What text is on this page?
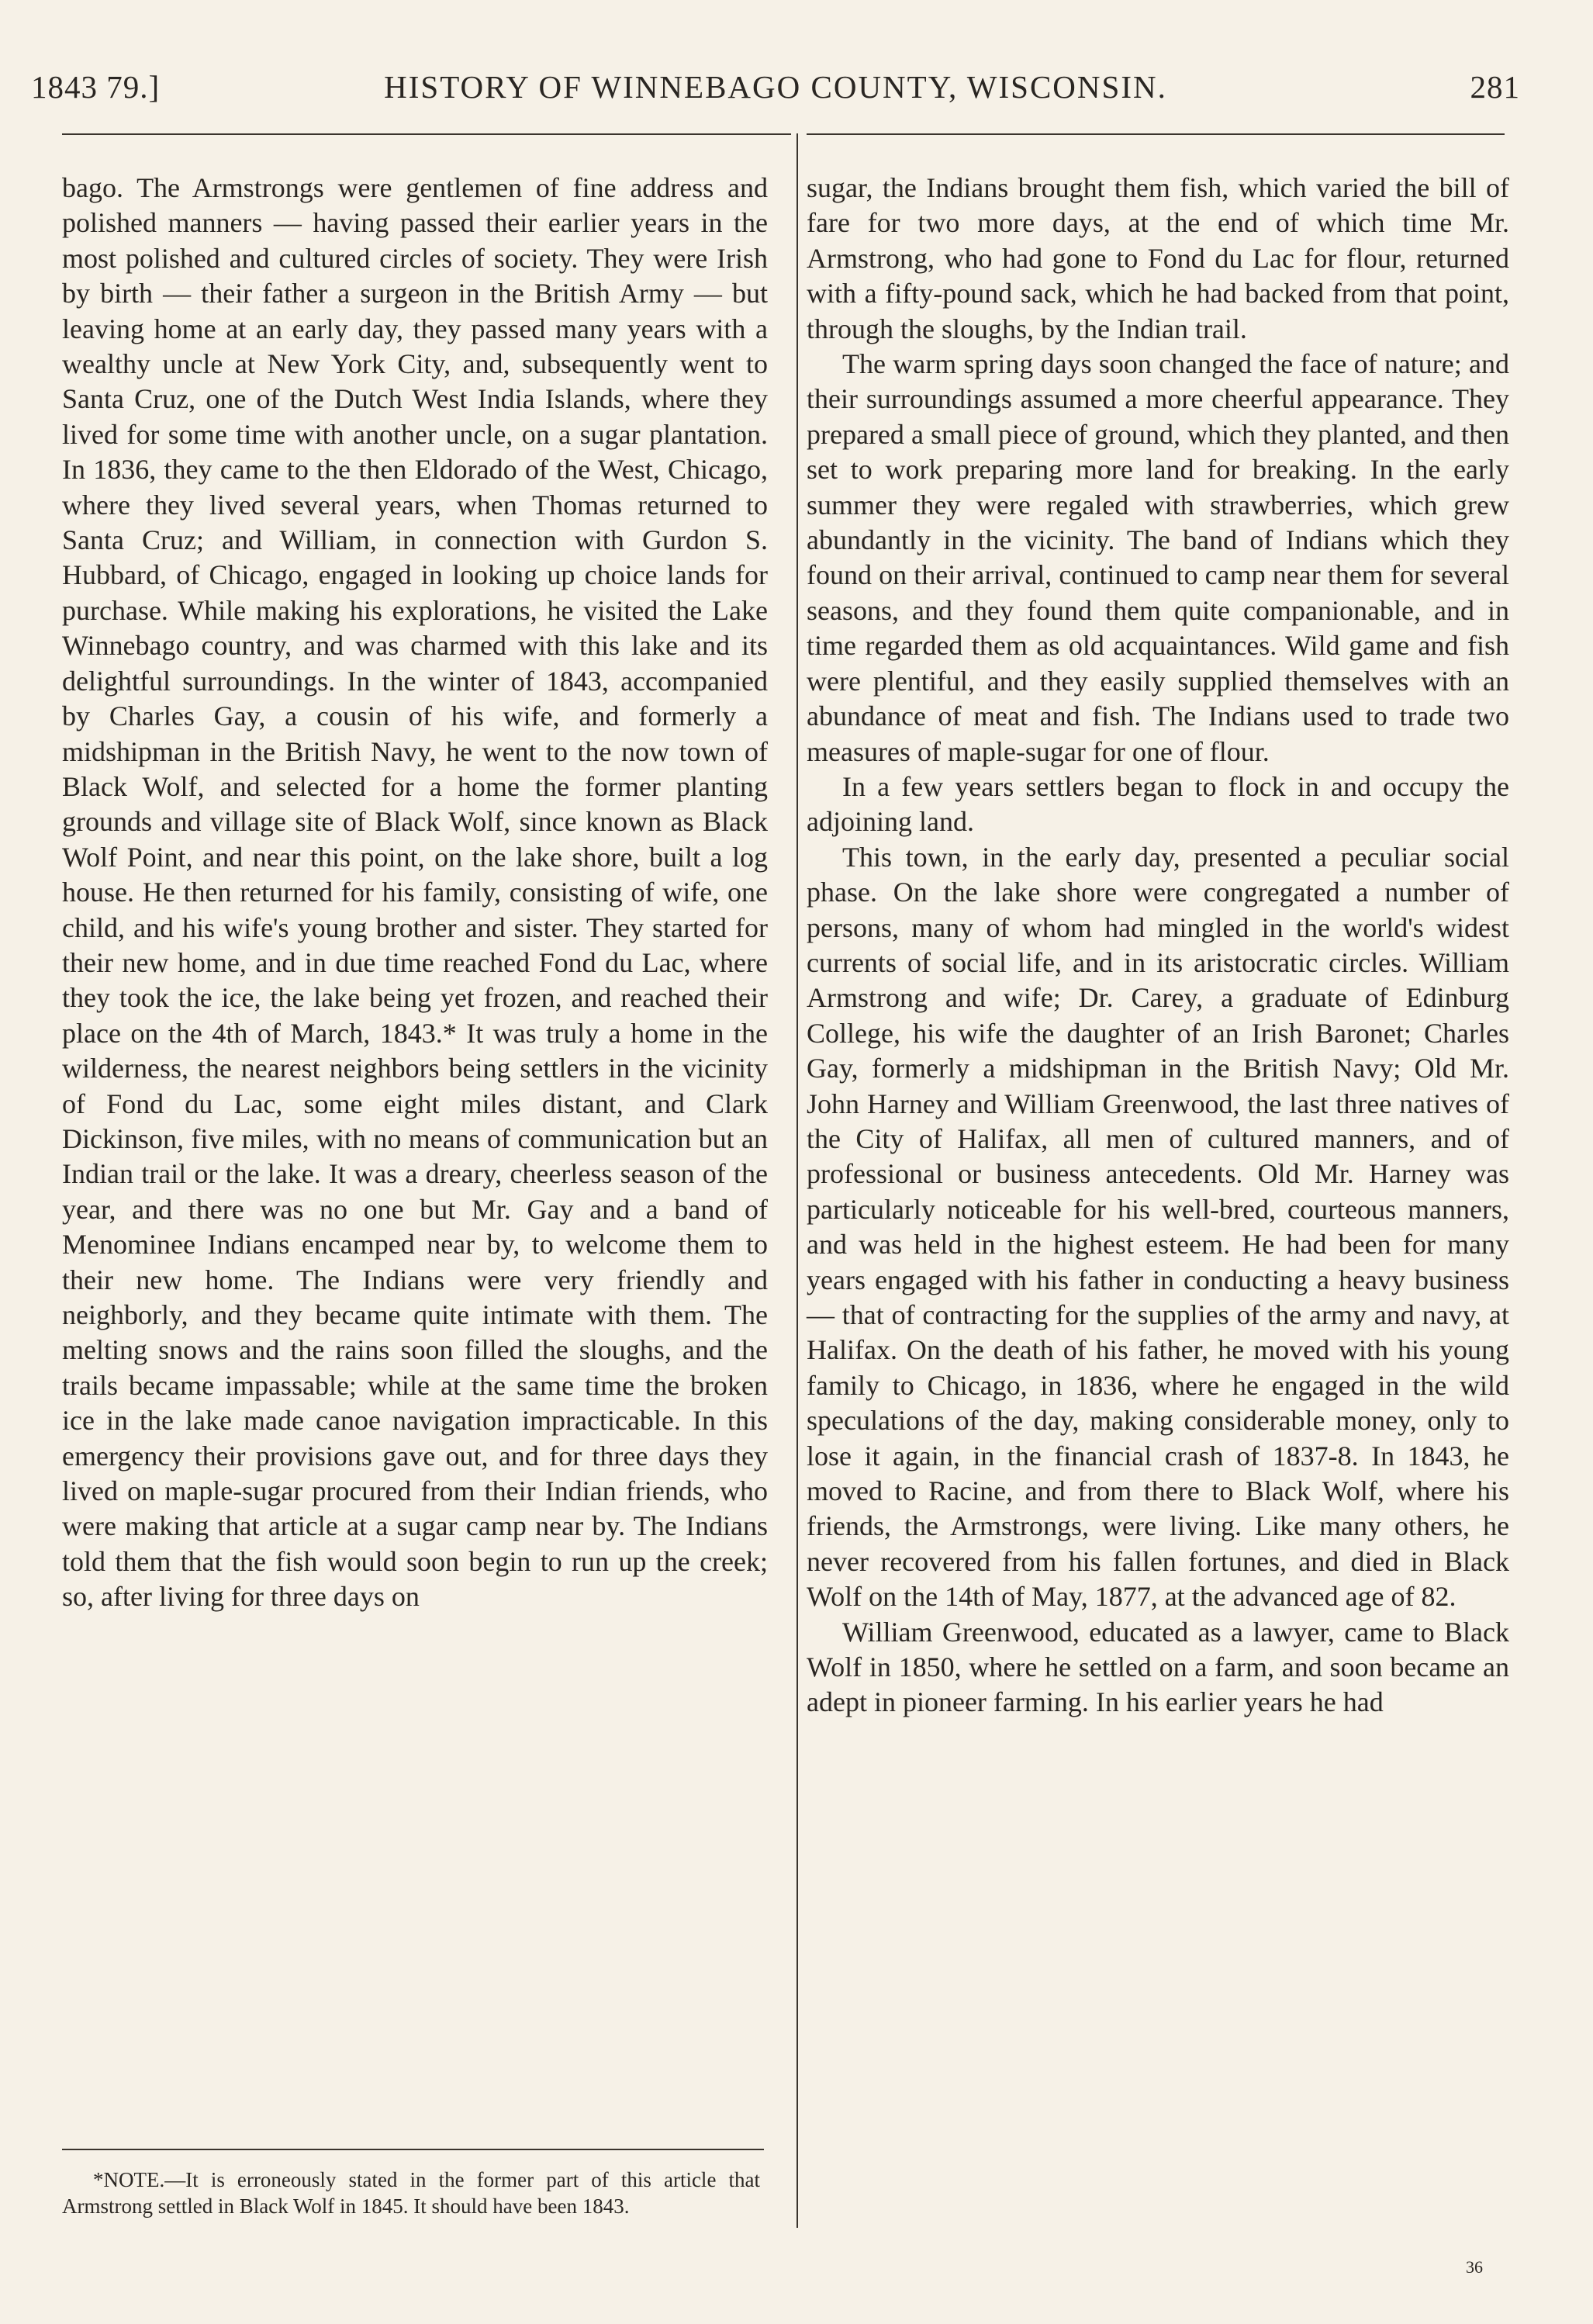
1843 79.]	HISTORY OF WINNEBAGO COUNTY, WISCONSIN.	281

bago. The Armstrongs were gentlemen of fine address and polished manners — having passed their earlier years in the most polished and cultured circles of society. They were Irish by birth — their father a surgeon in the British Army — but leaving home at an early day, they passed many years with a wealthy uncle at New York City, and, subsequently went to Santa Cruz, one of the Dutch West India Islands, where they lived for some time with another uncle, on a sugar plantation. In 1836, they came to the then Eldorado of the West, Chicago, where they lived several years, when Thomas returned to Santa Cruz; and William, in connection with Gurdon S. Hubbard, of Chicago, engaged in looking up choice lands for purchase. While making his explorations, he visited the Lake Winnebago country, and was charmed with this lake and its delightful surroundings. In the winter of 1843, accompanied by Charles Gay, a cousin of his wife, and formerly a midshipman in the British Navy, he went to the now town of Black Wolf, and selected for a home the former planting grounds and village site of Black Wolf, since known as Black Wolf Point, and near this point, on the lake shore, built a log house. He then returned for his family, consisting of wife, one child, and his wife's young brother and sister. They started for their new home, and in due time reached Fond du Lac, where they took the ice, the lake being yet frozen, and reached their place on the 4th of March, 1843.* It was truly a home in the wilderness, the nearest neighbors being settlers in the vicinity of Fond du Lac, some eight miles distant, and Clark Dickinson, five miles, with no means of communication but an Indian trail or the lake. It was a dreary, cheerless season of the year, and there was no one but Mr. Gay and a band of Menominee Indians encamped near by, to welcome them to their new home. The Indians were very friendly and neighborly, and they became quite intimate with them. The melting snows and the rains soon filled the sloughs, and the trails became impassable; while at the same time the broken ice in the lake made canoe navigation impracticable. In this emergency their provisions gave out, and for three days they lived on maple-sugar procured from their Indian friends, who were making that article at a sugar camp near by. The Indians told them that the fish would soon begin to run up the creek; so, after living for three days on

sugar, the Indians brought them fish, which varied the bill of fare for two more days, at the end of which time Mr. Armstrong, who had gone to Fond du Lac for flour, returned with a fifty-pound sack, which he had backed from that point, through the sloughs, by the Indian trail.

The warm spring days soon changed the face of nature; and their surroundings assumed a more cheerful appearance. They prepared a small piece of ground, which they planted, and then set to work preparing more land for breaking. In the early summer they were regaled with strawberries, which grew abundantly in the vicinity. The band of Indians which they found on their arrival, continued to camp near them for several seasons, and they found them quite companionable, and in time regarded them as old acquaintances. Wild game and fish were plentiful, and they easily supplied themselves with an abundance of meat and fish. The Indians used to trade two measures of maple-sugar for one of flour.

In a few years settlers began to flock in and occupy the adjoining land.

This town, in the early day, presented a peculiar social phase. On the lake shore were congregated a number of persons, many of whom had mingled in the world's widest currents of social life, and in its aristocratic circles. William Armstrong and wife; Dr. Carey, a graduate of Edinburg College, his wife the daughter of an Irish Baronet; Charles Gay, formerly a midshipman in the British Navy; Old Mr. John Harney and William Greenwood, the last three natives of the City of Halifax, all men of cultured manners, and of professional or business antecedents. Old Mr. Harney was particularly noticeable for his well-bred, courteous manners, and was held in the highest esteem. He had been for many years engaged with his father in conducting a heavy business — that of contracting for the supplies of the army and navy, at Halifax. On the death of his father, he moved with his young family to Chicago, in 1836, where he engaged in the wild speculations of the day, making considerable money, only to lose it again, in the financial crash of 1837-8. In 1843, he moved to Racine, and from there to Black Wolf, where his friends, the Armstrongs, were living. Like many others, he never recovered from his fallen fortunes, and died in Black Wolf on the 14th of May, 1877, at the advanced age of 82.

William Greenwood, educated as a lawyer, came to Black Wolf in 1850, where he settled on a farm, and soon became an adept in pioneer farming. In his earlier years he had

*NOTE.—It is erroneously stated in the former part of this article that Armstrong settled in Black Wolf in 1845. It should have been 1843.

36
